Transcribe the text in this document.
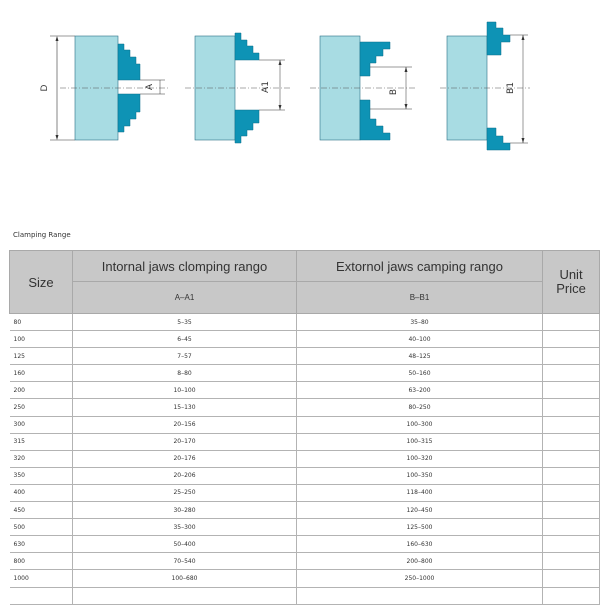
D	A	A1	B	B1
Clamping Range
Size	Intornal jaws clomping rango	Extornol jaws camping rango	Unit
Price
	A–A1	B–B1	
80	5–35	35–80	
100	6–45	40–100	
125	7–57	48–125	
160	8–80	50–160	
200	10–100	63–200	
250	15–130	80–250	
300	20–156	100–300	
315	20–170	100–315	
320	20–176	100–320	
350	20–206	100–350	
400	25–250	118–400	
450	30–280	120–450	
500	35–300	125–500	
630	50–400	160–630	
800	70–540	200–800	
1000	100–680	250–1000	
